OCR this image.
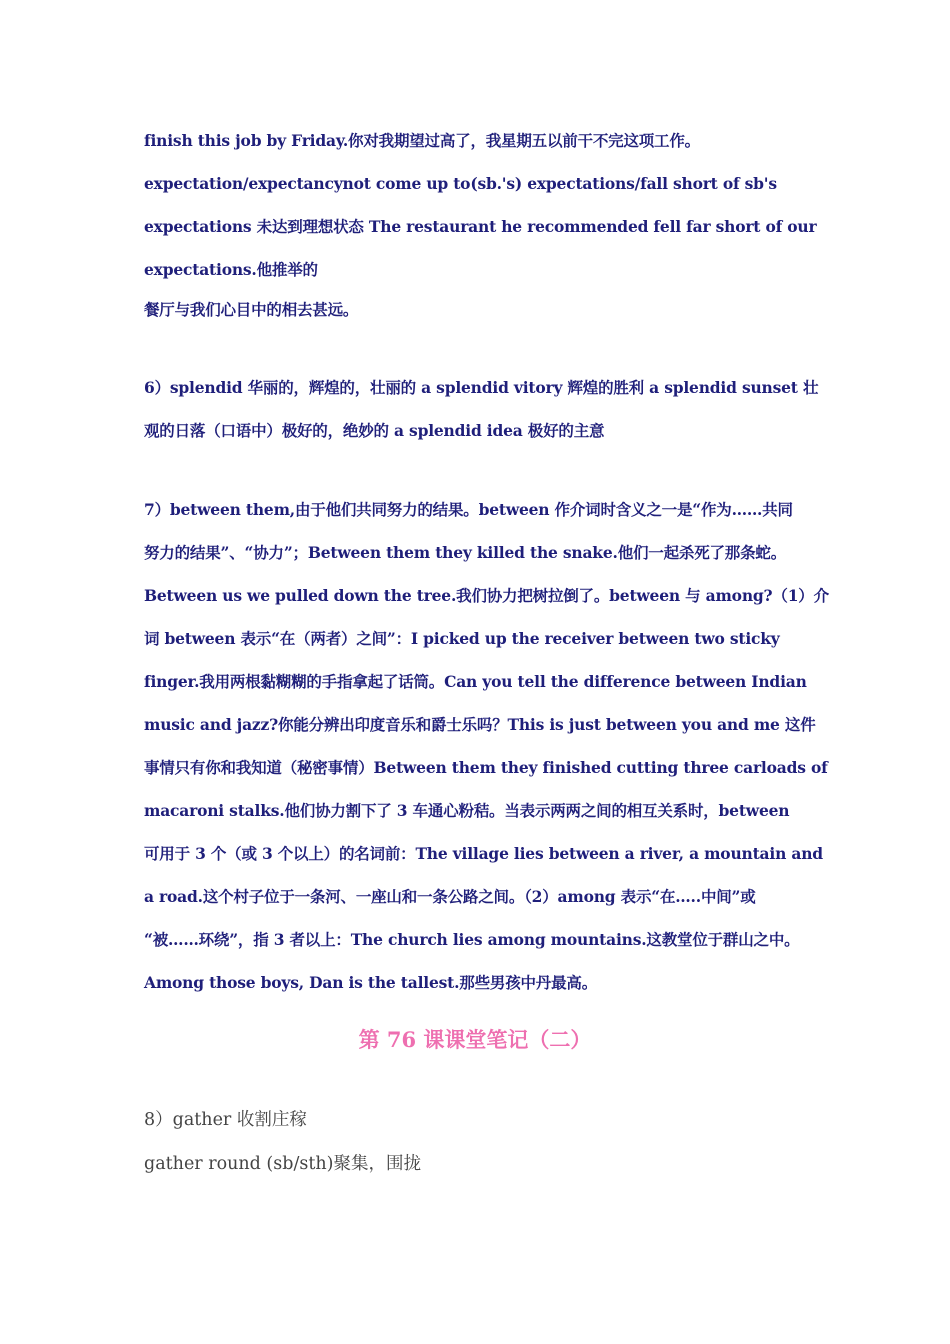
finish this job by Friday.你对我期望过高了，我星期五以前干不完这项工作。
expectation/expectancynot come up to(sb.'s) expectations/fall short of sb's
expectations 未达到理想状态 The restaurant he recommended fell far short of our
expectations.他推举的
餐厅与我们心目中的相去甚远。
6）splendid 华丽的，辉煌的，壮丽的 a splendid vitory 辉煌的胜利 a splendid sunset 壮
观的日落（口语中）极好的，绝妙的 a splendid idea 极好的主意
7）between them,由于他们共同努力的结果。between 作介词时含义之一是“作为……共同
努力的结果”、“协力”；Between them they killed the snake.他们一起杀死了那条蛇。
Between us we pulled down the tree.我们协力把树拉倒了。between 与 among?（1）介
词 between 表示“在（两者）之间”：I picked up the receiver between two sticky
finger.我用两根黏糊糊的手指拿起了话筒。Can you tell the difference between Indian
music and jazz?你能分辨出印度音乐和爵士乐吗？This is just between you and me 这件
事情只有你和我知道（秘密事情）Between them they finished cutting three carloads of
macaroni stalks.他们协力割下了 3 车通心粉秸。当表示两两之间的相互关系时，between
可用于 3 个（或 3 个以上）的名词前：The village lies between a river, a mountain and
a road.这个村子位于一条河、一座山和一条公路之间。（2）among 表示“在…..中间”或
“被……环绕”，指 3 者以上：The church lies among mountains.这教堂位于群山之中。
Among those boys, Dan is the tallest.那些男孩中丹最高。
第 76 课课堂笔记（二）
8）gather 收割庄稼
gather round (sb/sth)聚集，围拢
